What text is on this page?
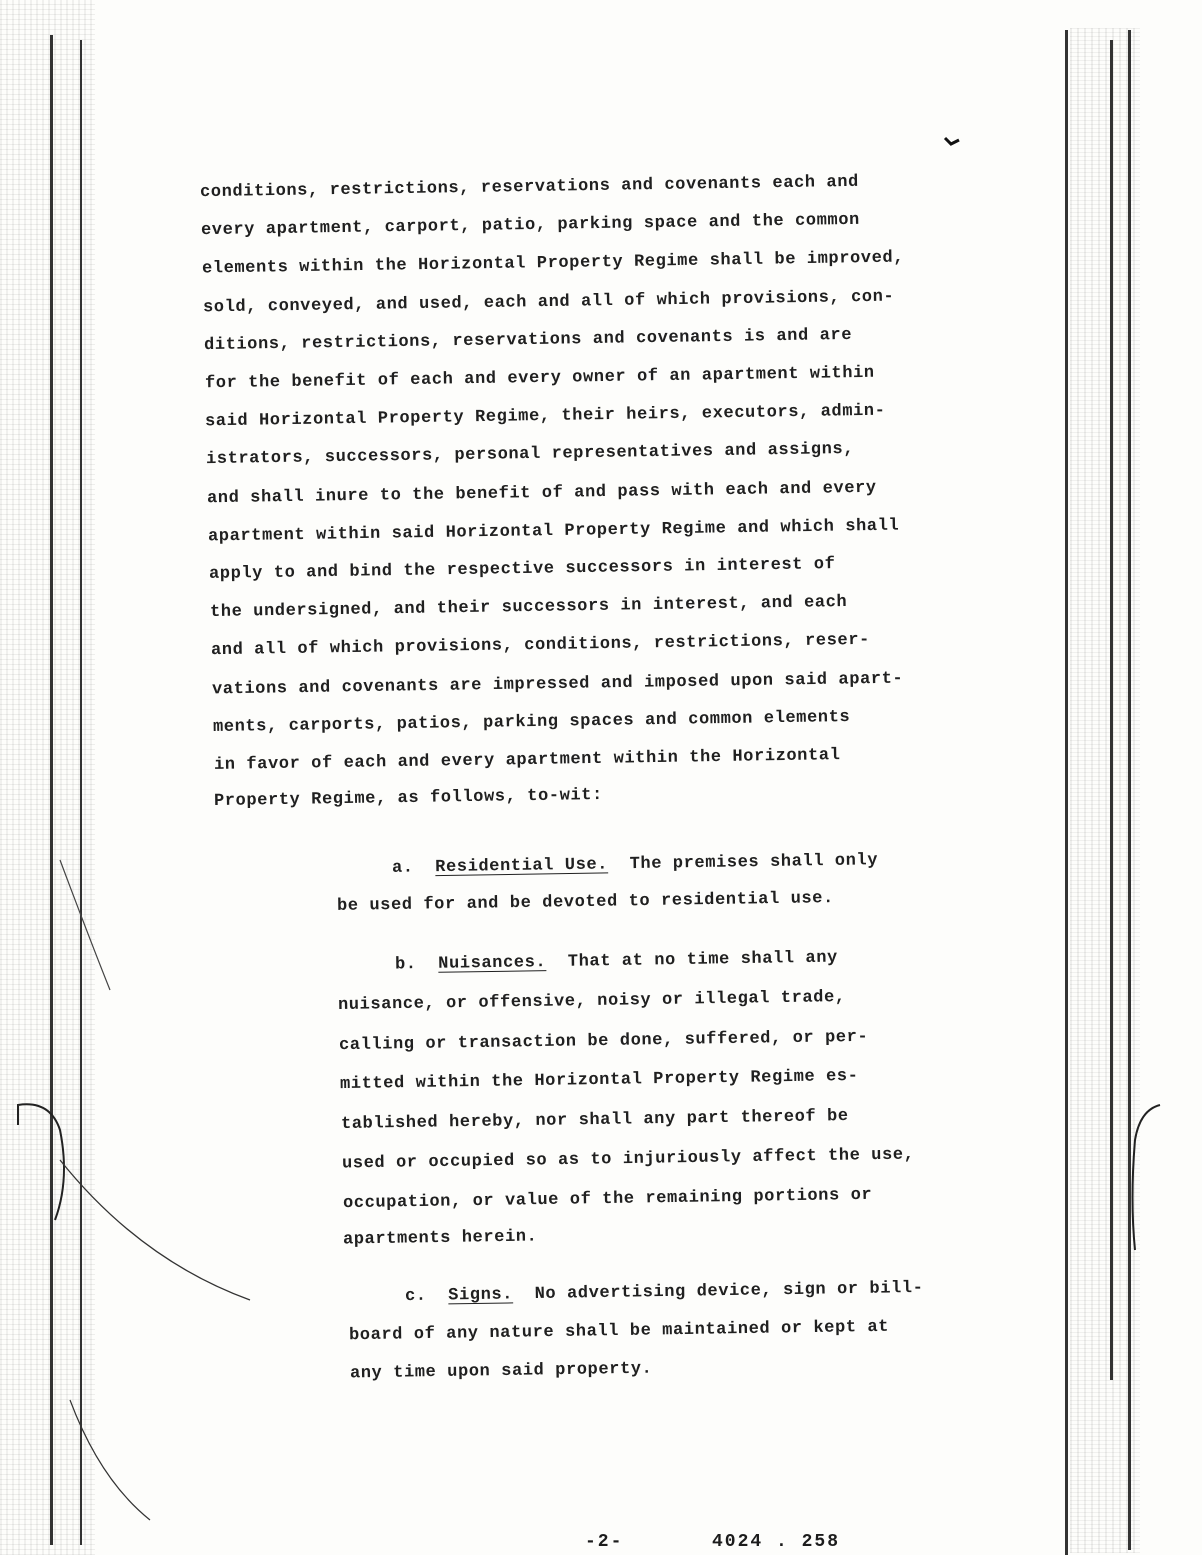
conditions, restrictions, reservations and covenants each and
every apartment, carport, patio, parking space and the common
elements within the Horizontal Property Regime shall be improved,
sold, conveyed, and used, each and all of which provisions, con-
ditions, restrictions, reservations and covenants is and are
for the benefit of each and every owner of an apartment within
said Horizontal Property Regime, their heirs, executors, admin-
istrators, successors, personal representatives and assigns,
and shall inure to the benefit of and pass with each and every
apartment within said Horizontal Property Regime and which shall
apply to and bind the respective successors in interest of
the undersigned, and their successors in interest, and each
and all of which provisions, conditions, restrictions, reser-
vations and covenants are impressed and imposed upon said apart-
ments, carports, patios, parking spaces and common elements
in favor of each and every apartment within the Horizontal
Property Regime, as follows, to-wit:
a. Residential Use. The premises shall only
be used for and be devoted to residential use.
b. Nuisances. That at no time shall any
nuisance, or offensive, noisy or illegal trade,
calling or transaction be done, suffered, or per-
mitted within the Horizontal Property Regime es-
tablished hereby, nor shall any part thereof be
used or occupied so as to injuriously affect the use,
occupation, or value of the remaining portions or
apartments herein.
c. Signs. No advertising device, sign or bill-
board of any nature shall be maintained or kept at
any time upon said property.
-2-	4024 . 258
